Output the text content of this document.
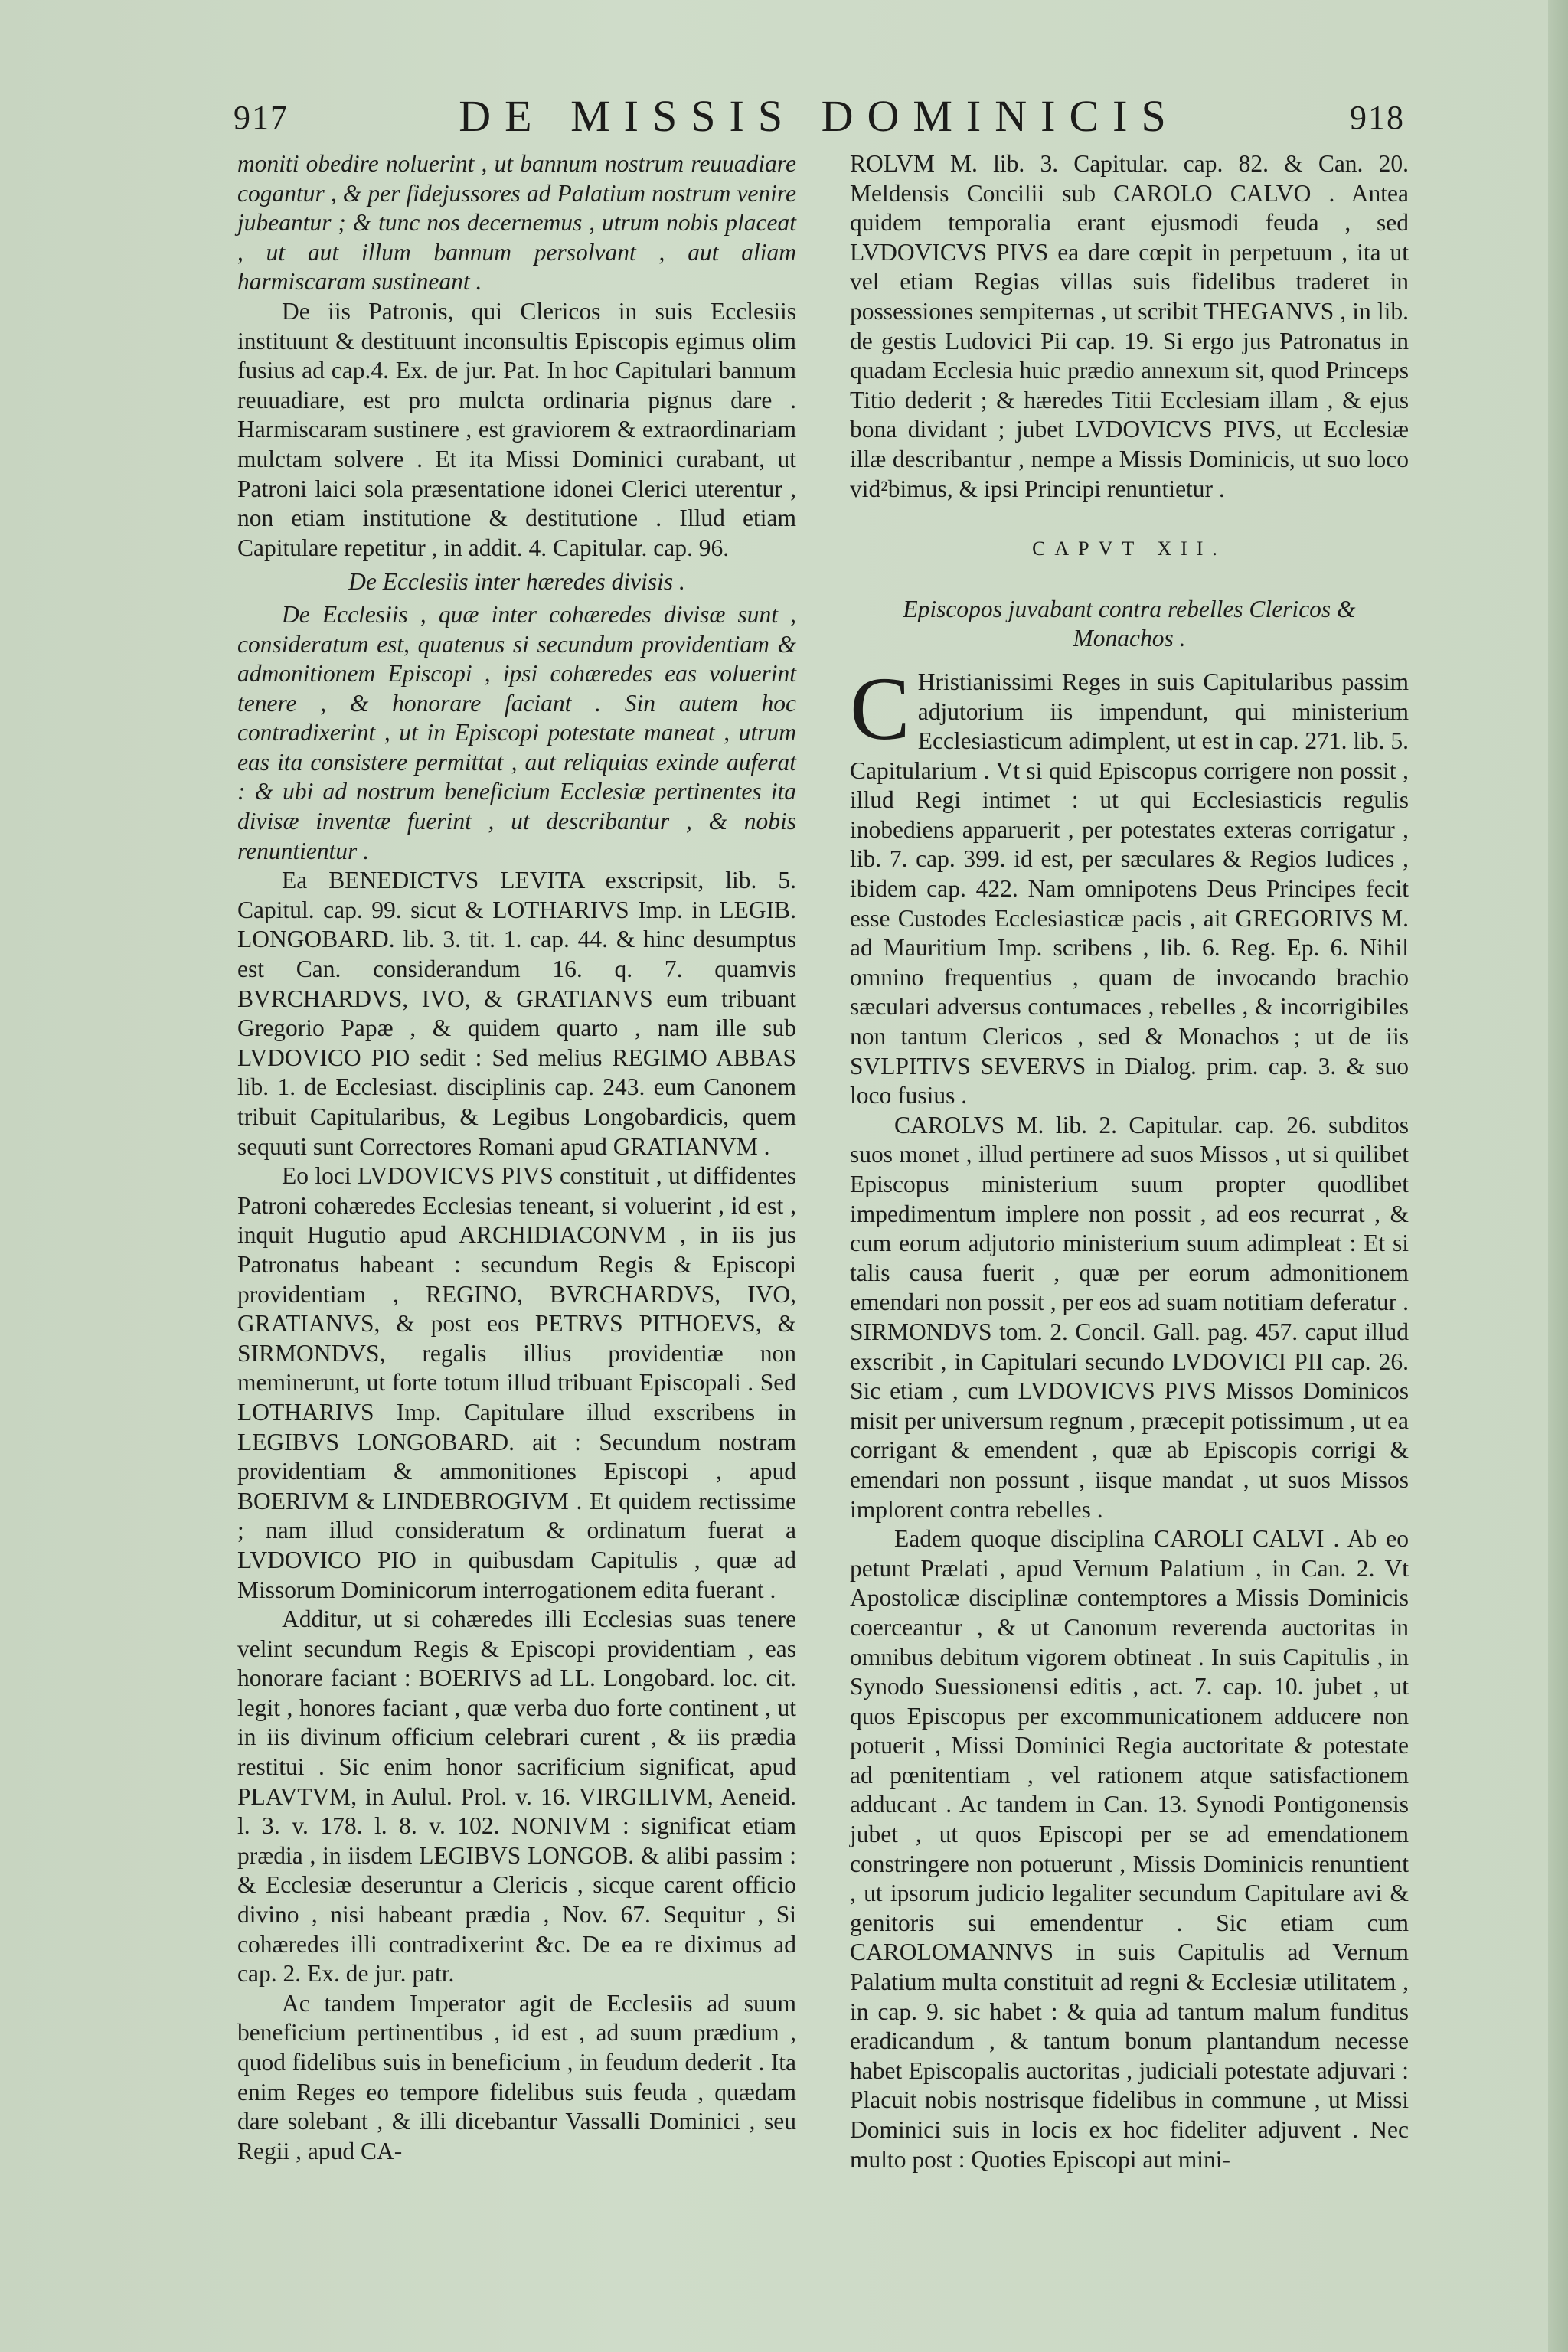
917	DE MISSIS DOMINICIS	918

moniti obedire noluerint , ut bannum nostrum reuuadiare cogantur , & per fidejussores ad Palatium nostrum venire jubeantur ; & tunc nos decernemus , utrum nobis placeat , ut aut illum bannum persolvant , aut aliam harmiscaram sustineant .

De iis Patronis, qui Clericos in suis Ecclesiis instituunt & destituunt inconsultis Episcopis egimus olim fusius ad cap.4. Ex. de jur. Pat. In hoc Capitulari bannum reuuadiare, est pro mulcta ordinaria pignus dare . Harmiscaram sustinere , est graviorem & extraordinariam mulctam solvere . Et ita Missi Dominici curabant, ut Patroni laici sola præsentatione idonei Clerici uterentur , non etiam institutione & destitutione . Illud etiam Capitulare repetitur , in addit. 4. Capitular. cap. 96.

De Ecclesiis inter hæredes divisis .

De Ecclesiis , quæ inter cohæredes divisæ sunt , consideratum est, quatenus si secundum providentiam & admonitionem Episcopi , ipsi cohæredes eas voluerint tenere , & honorare faciant . Sin autem hoc contradixerint , ut in Episcopi potestate maneat , utrum eas ita consistere permittat , aut reliquias exinde auferat : & ubi ad nostrum beneficium Ecclesiæ pertinentes ita divisæ inventæ fuerint , ut describantur , & nobis renuntientur .

Ea BENEDICTVS LEVITA exscripsit, lib. 5. Capitul. cap. 99. sicut & LOTHARIVS Imp. in LEGIB. LONGOBARD. lib. 3. tit. 1. cap. 44. & hinc desumptus est Can. considerandum 16. q. 7. quamvis BVRCHARDVS, IVO, & GRATIANVS eum tribuant Gregorio Papæ , & quidem quarto , nam ille sub LVDOVICO PIO sedit : Sed melius REGIMO ABBAS lib. 1. de Ecclesiast. disciplinis cap. 243. eum Canonem tribuit Capitularibus, & Legibus Longobardicis, quem sequuti sunt Correctores Romani apud GRATIANVM .

Eo loci LVDOVICVS PIVS constituit , ut diffidentes Patroni cohæredes Ecclesias teneant, si voluerint , id est , inquit Hugutio apud ARCHIDIACONVM , in iis jus Patronatus habeant : secundum Regis & Episcopi providentiam , REGINO, BVRCHARDVS, IVO, GRATIANVS, & post eos PETRVS PITHOEVS, & SIRMONDVS, regalis illius providentiæ non meminerunt, ut forte totum illud tribuant Episcopali . Sed LOTHARIVS Imp. Capitulare illud exscribens in LEGIBVS LONGOBARD. ait : Secundum nostram providentiam & ammonitiones Episcopi , apud BOERIVM & LINDEBROGIVM . Et quidem rectissime ; nam illud consideratum & ordinatum fuerat a LVDOVICO PIO in quibusdam Capitulis , quæ ad Missorum Dominicorum interrogationem edita fuerant .

Additur, ut si cohæredes illi Ecclesias suas tenere velint secundum Regis & Episcopi providentiam , eas honorare faciant : BOERIVS ad LL. Longobard. loc. cit. legit , honores faciant , quæ verba duo forte continent , ut in iis divinum officium celebrari curent , & iis prædia restitui . Sic enim honor sacrificium significat, apud PLAVTVM, in Aulul. Prol. v. 16. VIRGILIVM, Aeneid. l. 3. v. 178. l. 8. v. 102. NONIVM : significat etiam prædia , in iisdem LEGIBVS LONGOB. & alibi passim : & Ecclesiæ deseruntur a Clericis , sicque carent officio divino , nisi habeant prædia , Nov. 67. Sequitur , Si cohæredes illi contradixerint &c. De ea re diximus ad cap. 2. Ex. de jur. patr.

Ac tandem Imperator agit de Ecclesiis ad suum beneficium pertinentibus , id est , ad suum prædium , quod fidelibus suis in beneficium , in feudum dederit . Ita enim Reges eo tempore fidelibus suis feuda , quædam dare solebant , & illi dicebantur Vassalli Dominici , seu Regii , apud CA-

ROLVM M. lib. 3. Capitular. cap. 82. & Can. 20. Meldensis Concilii sub CAROLO CALVO . Antea quidem temporalia erant ejusmodi feuda , sed LVDOVICVS PIVS ea dare cœpit in perpetuum , ita ut vel etiam Regias villas suis fidelibus traderet in possessiones sempiternas , ut scribit THEGANVS , in lib. de gestis Ludovici Pii cap. 19. Si ergo jus Patronatus in quadam Ecclesia huic prædio annexum sit, quod Princeps Titio dederit ; & hæredes Titii Ecclesiam illam , & ejus bona dividant ; jubet LVDOVICVS PIVS, ut Ecclesiæ illæ describantur , nempe a Missis Dominicis, ut suo loco vid²bimus, & ipsi Principi renuntietur .

CAPVT XII.

Episcopos juvabant contra rebelles Clericos & Monachos .

C Hristianissimi Reges in suis Capitularibus passim adjutorium iis impendunt, qui ministerium Ecclesiasticum adimplent, ut est in cap. 271. lib. 5. Capitularium . Vt si quid Episcopus corrigere non possit , illud Regi intimet : ut qui Ecclesiasticis regulis inobediens apparuerit , per potestates exteras corrigatur , lib. 7. cap. 399. id est, per sæculares & Regios Iudices , ibidem cap. 422. Nam omnipotens Deus Principes fecit esse Custodes Ecclesiasticæ pacis , ait GREGORIVS M. ad Mauritium Imp. scribens , lib. 6. Reg. Ep. 6. Nihil omnino frequentius , quam de invocando brachio sæculari adversus contumaces , rebelles , & incorrigibiles non tantum Clericos , sed & Monachos ; ut de iis SVLPITIVS SEVERVS in Dialog. prim. cap. 3. & suo loco fusius .

CAROLVS M. lib. 2. Capitular. cap. 26. subditos suos monet , illud pertinere ad suos Missos , ut si quilibet Episcopus ministerium suum propter quodlibet impedimentum implere non possit , ad eos recurrat , & cum eorum adjutorio ministerium suum adimpleat : Et si talis causa fuerit , quæ per eorum admonitionem emendari non possit , per eos ad suam notitiam deferatur . SIRMONDVS tom. 2. Concil. Gall. pag. 457. caput illud exscribit , in Capitulari secundo LVDOVICI PII cap. 26. Sic etiam , cum LVDOVICVS PIVS Missos Dominicos misit per universum regnum , præcepit potissimum , ut ea corrigant & emendent , quæ ab Episcopis corrigi & emendari non possunt , iisque mandat , ut suos Missos implorent contra rebelles .

Eadem quoque disciplina CAROLI CALVI . Ab eo petunt Prælati , apud Vernum Palatium , in Can. 2. Vt Apostolicæ disciplinæ contemptores a Missis Dominicis coerceantur , & ut Canonum reverenda auctoritas in omnibus debitum vigorem obtineat . In suis Capitulis , in Synodo Suessionensi editis , act. 7. cap. 10. jubet , ut quos Episcopus per excommunicationem adducere non potuerit , Missi Dominici Regia auctoritate & potestate ad pœnitentiam , vel rationem atque satisfactionem adducant . Ac tandem in Can. 13. Synodi Pontigonensis jubet , ut quos Episcopi per se ad emendationem constringere non potuerunt , Missis Dominicis renuntient , ut ipsorum judicio legaliter secundum Capitulare avi & genitoris sui emendentur . Sic etiam cum CAROLOMANNVS in suis Capitulis ad Vernum Palatium multa constituit ad regni & Ecclesiæ utilitatem , in cap. 9. sic habet : & quia ad tantum malum funditus eradicandum , & tantum bonum plantandum necesse habet Episcopalis auctoritas , judiciali potestate adjuvari : Placuit nobis nostrisque fidelibus in commune , ut Missi Dominici suis in locis ex hoc fideliter adjuvent . Nec multo post : Quoties Episcopi aut mini-
